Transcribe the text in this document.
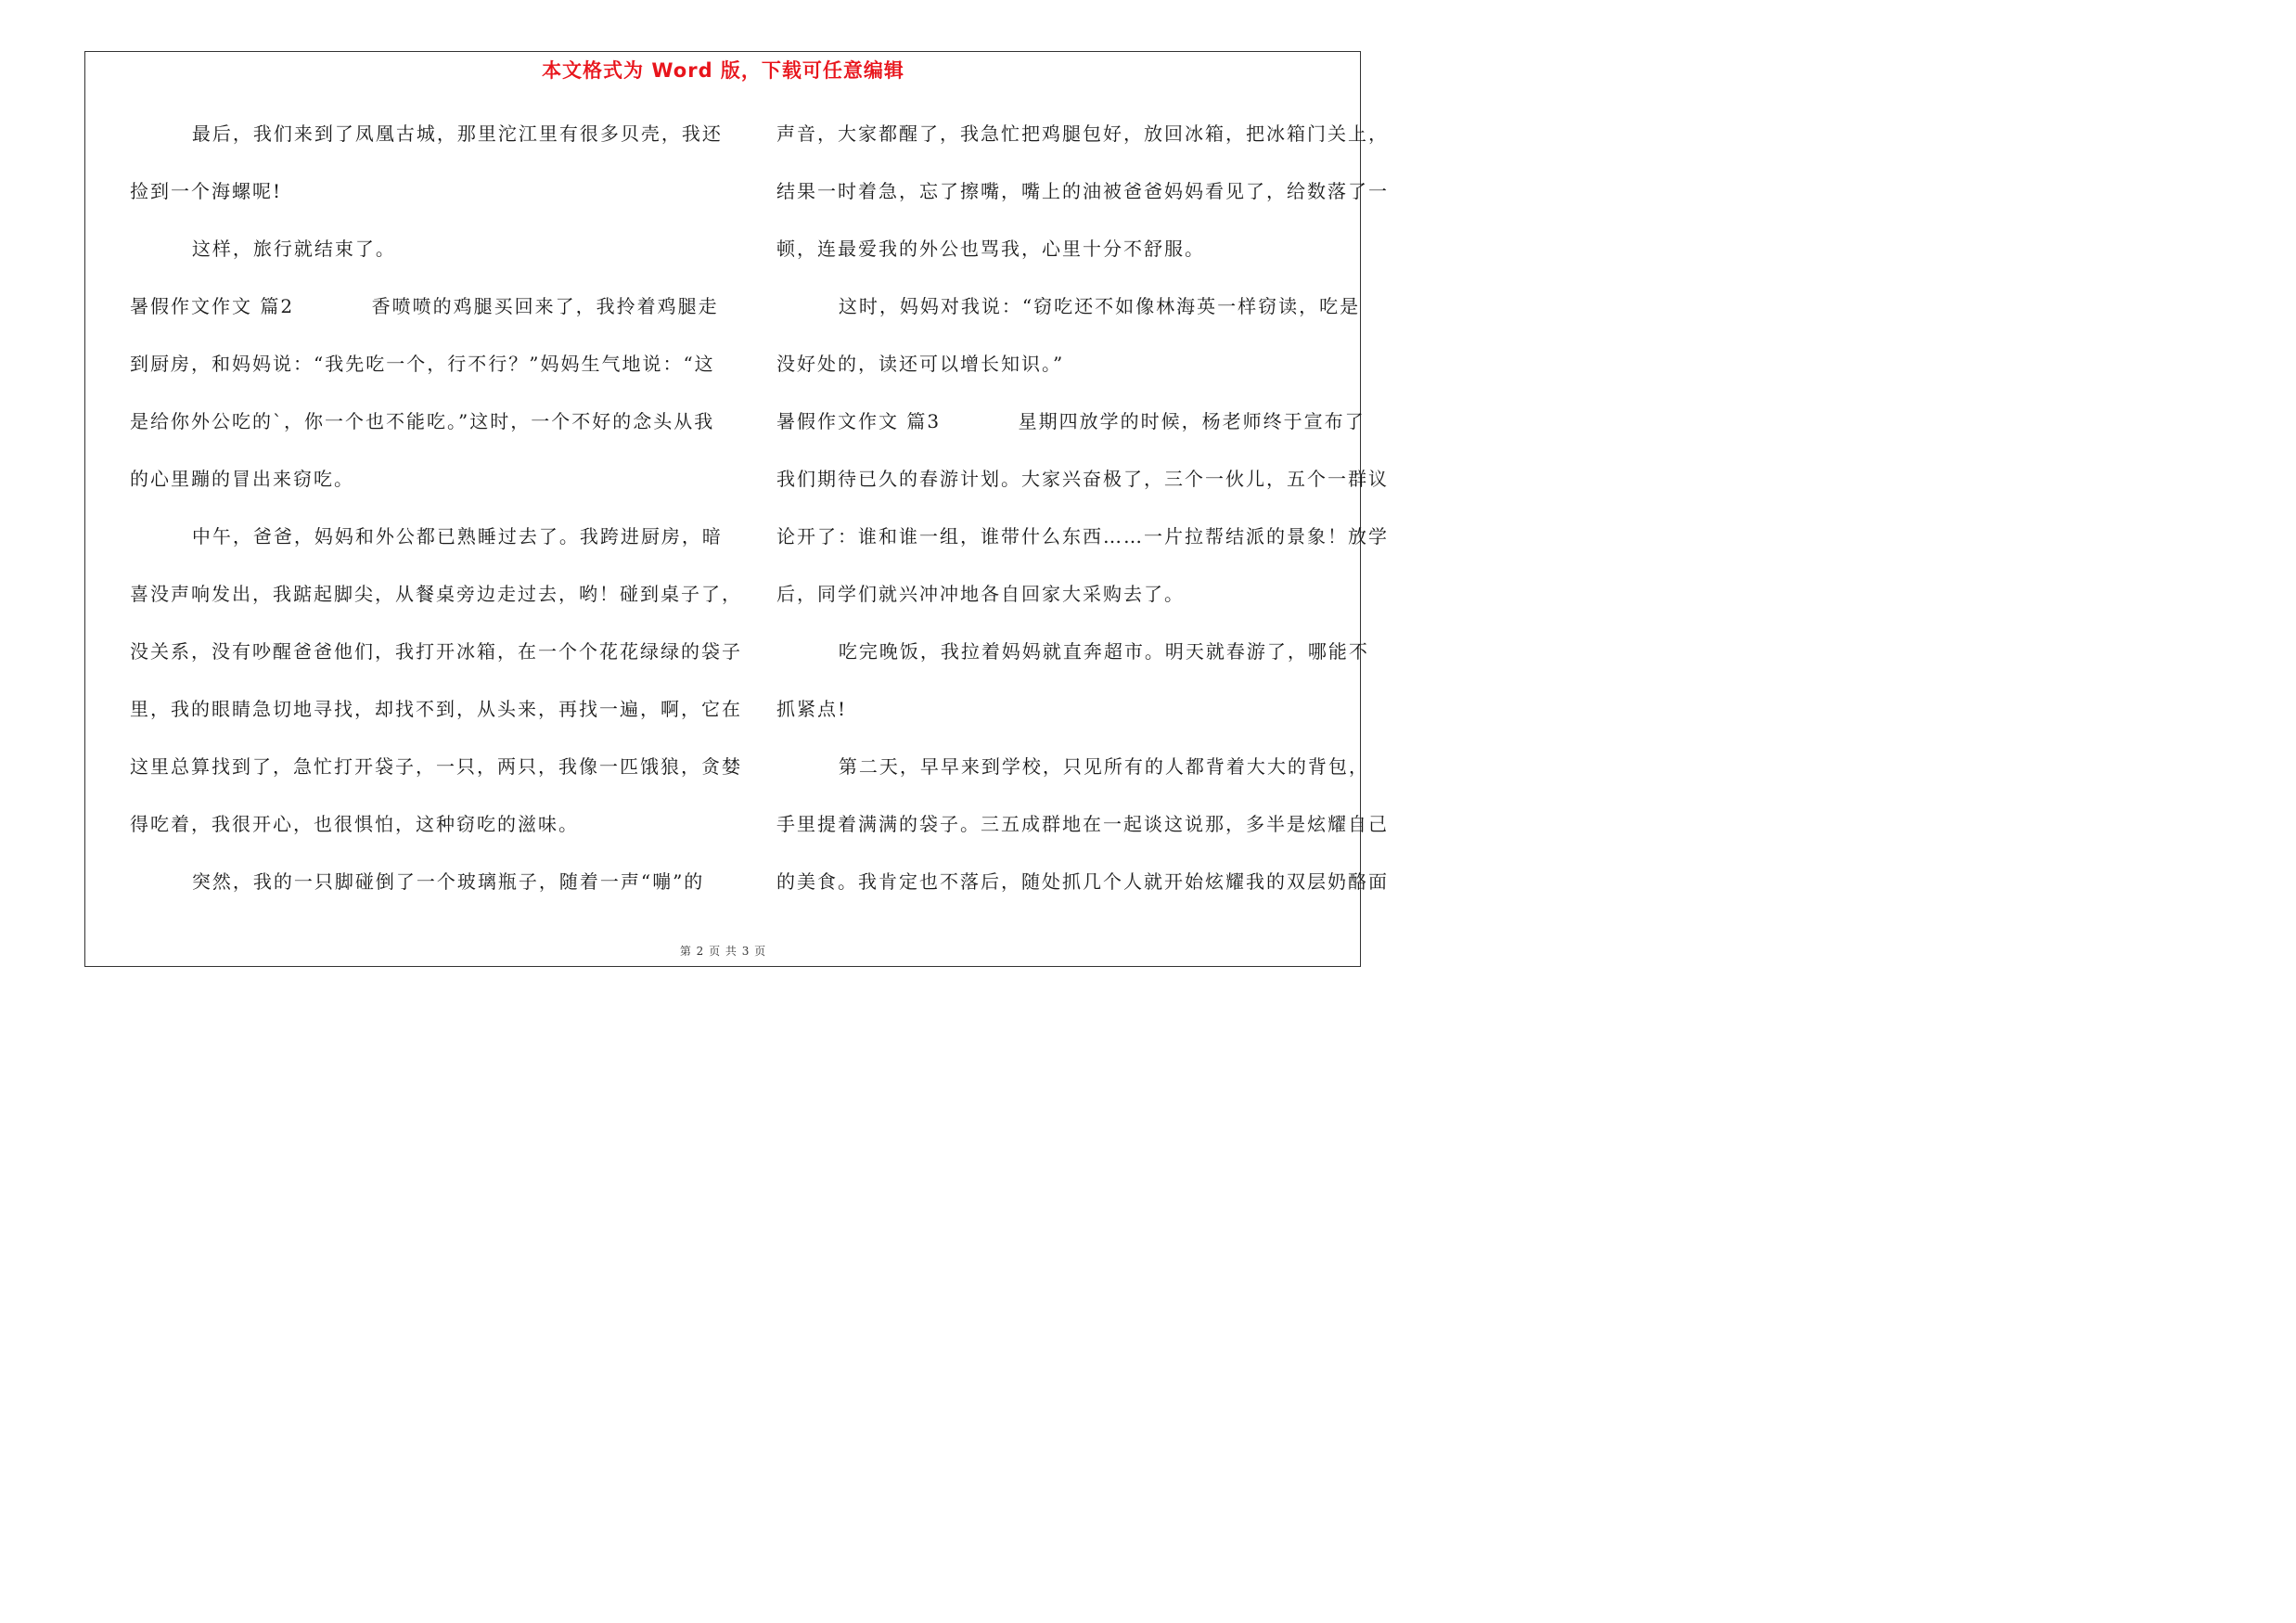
本文格式为 Word 版，下载可任意编辑
最后，我们来到了凤凰古城，那里沱江里有很多贝壳，我还
捡到一个海螺呢!
这样，旅行就结束了。
暑假作文作文 篇2          香喷喷的鸡腿买回来了，我拎着鸡腿走
到厨房，和妈妈说：“我先吃一个，行不行？”妈妈生气地说：“这
是给你外公吃的`，你一个也不能吃。”这时，一个不好的念头从我
的心里蹦的冒出来窃吃。
中午，爸爸，妈妈和外公都已熟睡过去了。我跨进厨房，暗
喜没声响发出，我踮起脚尖，从餐桌旁边走过去，哟！碰到桌子了，
没关系，没有吵醒爸爸他们，我打开冰箱，在一个个花花绿绿的袋子
里，我的眼睛急切地寻找，却找不到，从头来，再找一遍，啊，它在
这里总算找到了，急忙打开袋子，一只，两只，我像一匹饿狼，贪婪
得吃着，我很开心，也很惧怕，这种窃吃的滋味。
突然，我的一只脚碰倒了一个玻璃瓶子，随着一声“嘣”的
声音，大家都醒了，我急忙把鸡腿包好，放回冰箱，把冰箱门关上，
结果一时着急，忘了擦嘴，嘴上的油被爸爸妈妈看见了，给数落了一
顿，连最爱我的外公也骂我，心里十分不舒服。
这时，妈妈对我说：“窃吃还不如像林海英一样窃读，吃是
没好处的，读还可以增长知识。”
暑假作文作文 篇3          星期四放学的时候，杨老师终于宣布了
我们期待已久的春游计划。大家兴奋极了，三个一伙儿，五个一群议
论开了：谁和谁一组，谁带什么东西……一片拉帮结派的景象！放学
后，同学们就兴冲冲地各自回家大采购去了。
吃完晚饭，我拉着妈妈就直奔超市。明天就春游了，哪能不
抓紧点!
第二天，早早来到学校，只见所有的人都背着大大的背包，
手里提着满满的袋子。三五成群地在一起谈这说那，多半是炫耀自己
的美食。我肯定也不落后，随处抓几个人就开始炫耀我的双层奶酪面
第 2 页 共 3 页
